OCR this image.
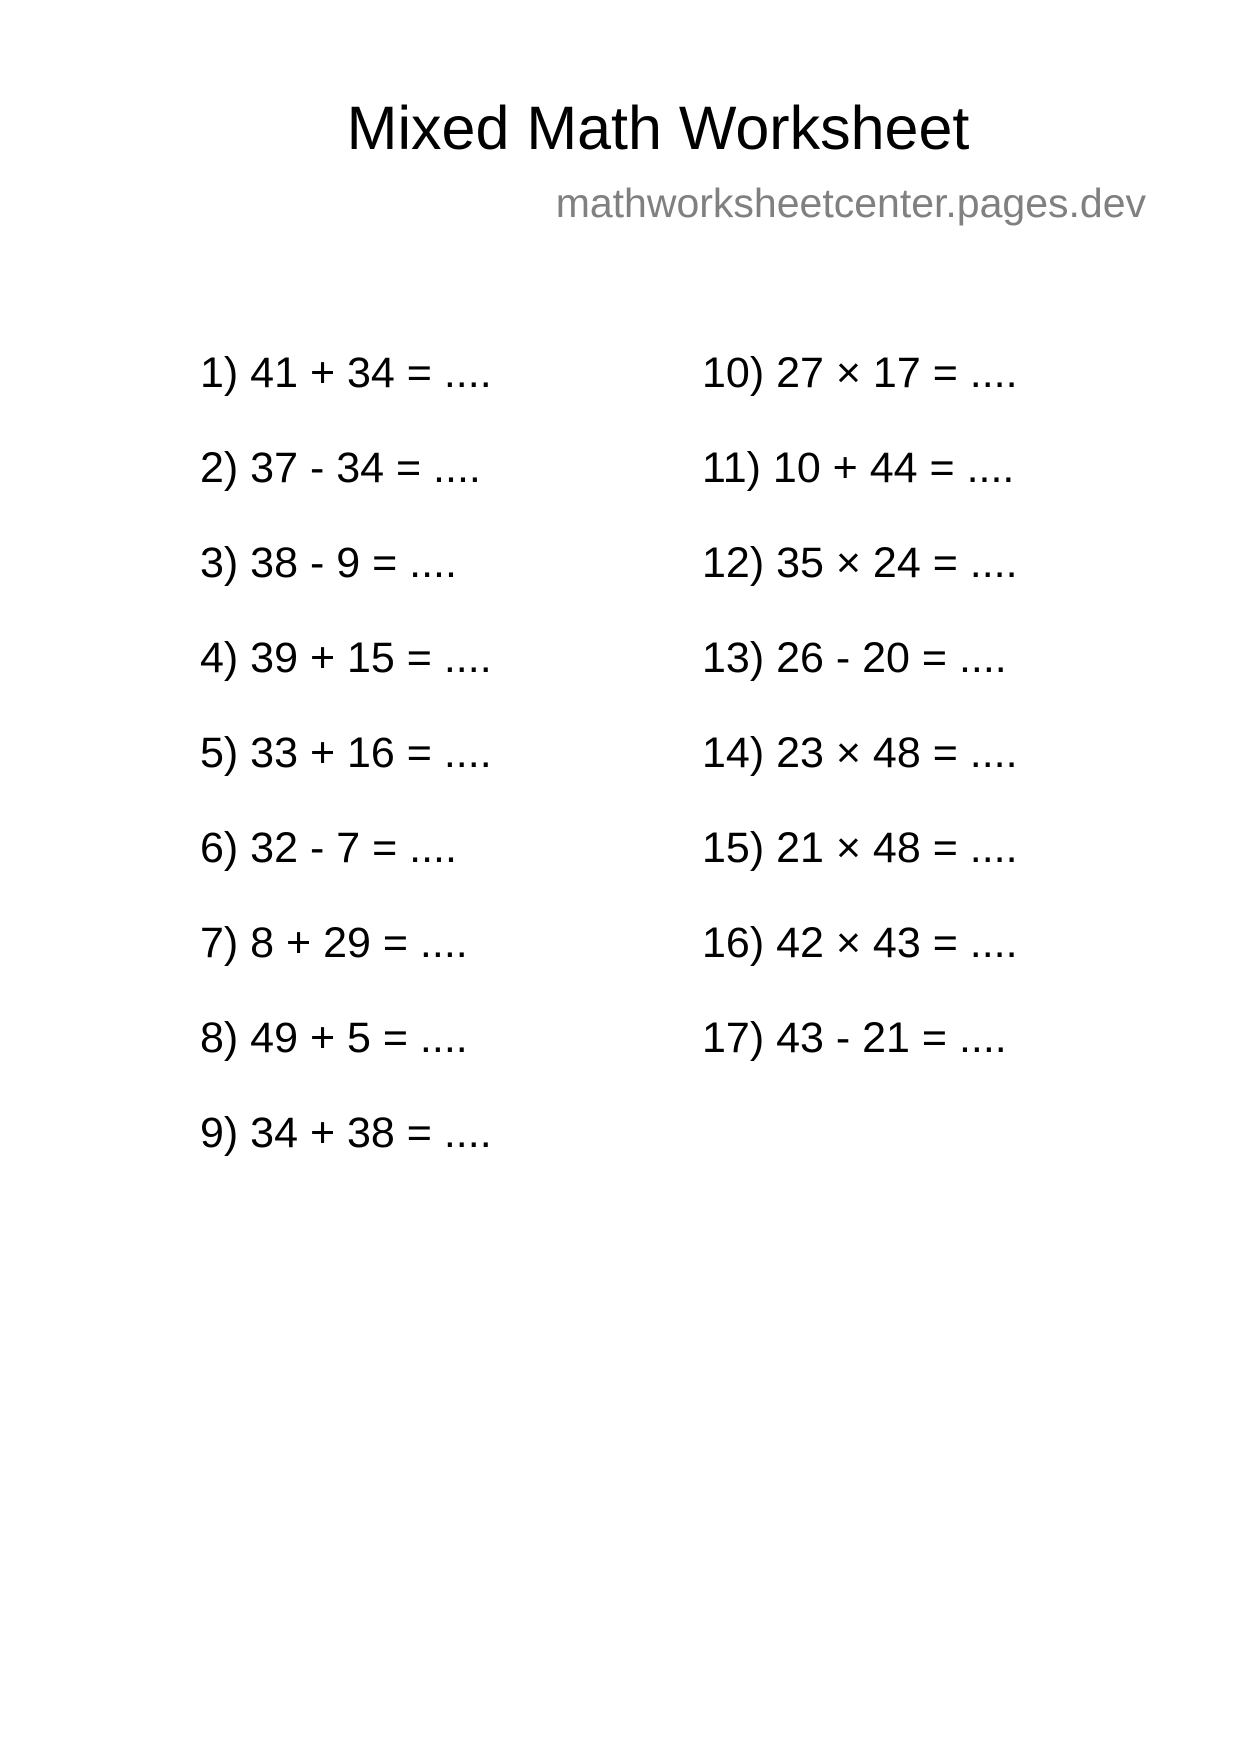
Mixed Math Worksheet
mathworksheetcenter.pages.dev
1) 41 + 34 = ....
2) 37 - 34 = ....
3) 38 - 9 = ....
4) 39 + 15 = ....
5) 33 + 16 = ....
6) 32 - 7 = ....
7) 8 + 29 = ....
8) 49 + 5 = ....
9) 34 + 38 = ....
10) 27 × 17 = ....
11) 10 + 44 = ....
12) 35 × 24 = ....
13) 26 - 20 = ....
14) 23 × 48 = ....
15) 21 × 48 = ....
16) 42 × 43 = ....
17) 43 - 21 = ....
